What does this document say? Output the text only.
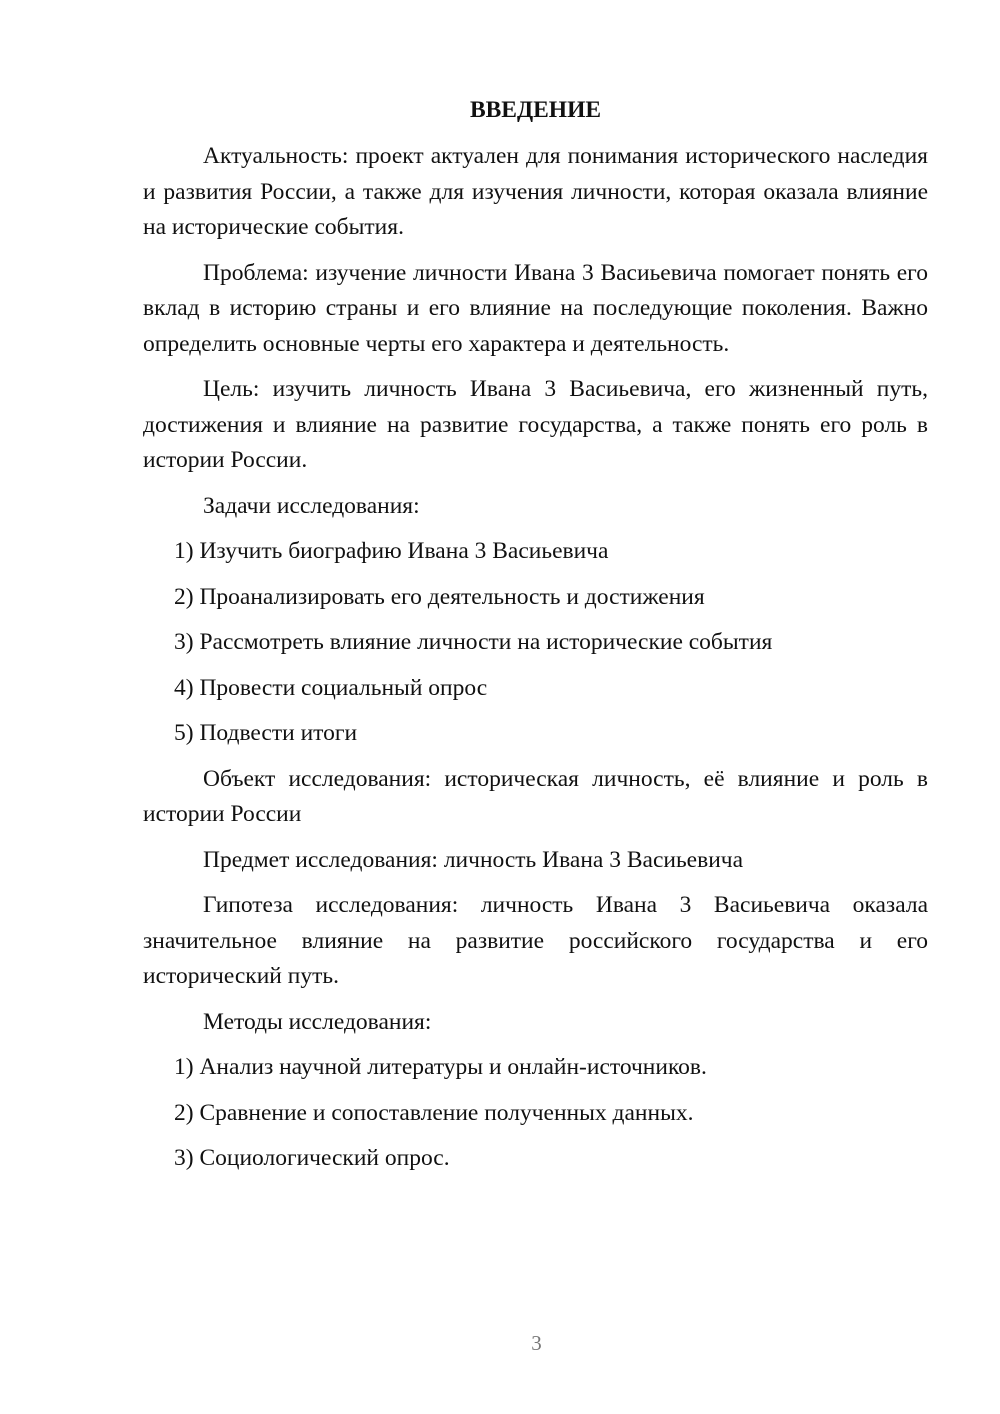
ВВЕДЕНИЕ

Актуальность: проект актуален для понимания исторического наследия и развития России, а также для изучения личности, которая оказала влияние на исторические события.

Проблема: изучение личности Ивана 3 Васиьевича помогает понять его вклад в историю страны и его влияние на последующие поколения. Важно определить основные черты его характера и деятельность.

Цель: изучить личность Ивана 3 Васиьевича, его жизненный путь, достижения и влияние на развитие государства, а также понять его роль в истории России.

Задачи исследования:

1) Изучить биографию Ивана 3 Васиьевича

2) Проанализировать его деятельность и достижения

3) Рассмотреть влияние личности на исторические события

4) Провести социальный опрос

5) Подвести итоги

Объект исследования: историческая личность, её влияние и роль в истории России

Предмет исследования: личность Ивана 3 Васиьевича

Гипотеза исследования: личность Ивана 3 Васиьевича оказала значительное влияние на развитие российского государства и его исторический путь.

Методы исследования:

1) Анализ научной литературы и онлайн-источников.

2) Сравнение и сопоставление полученных данных.

3) Социологический опрос.

3
